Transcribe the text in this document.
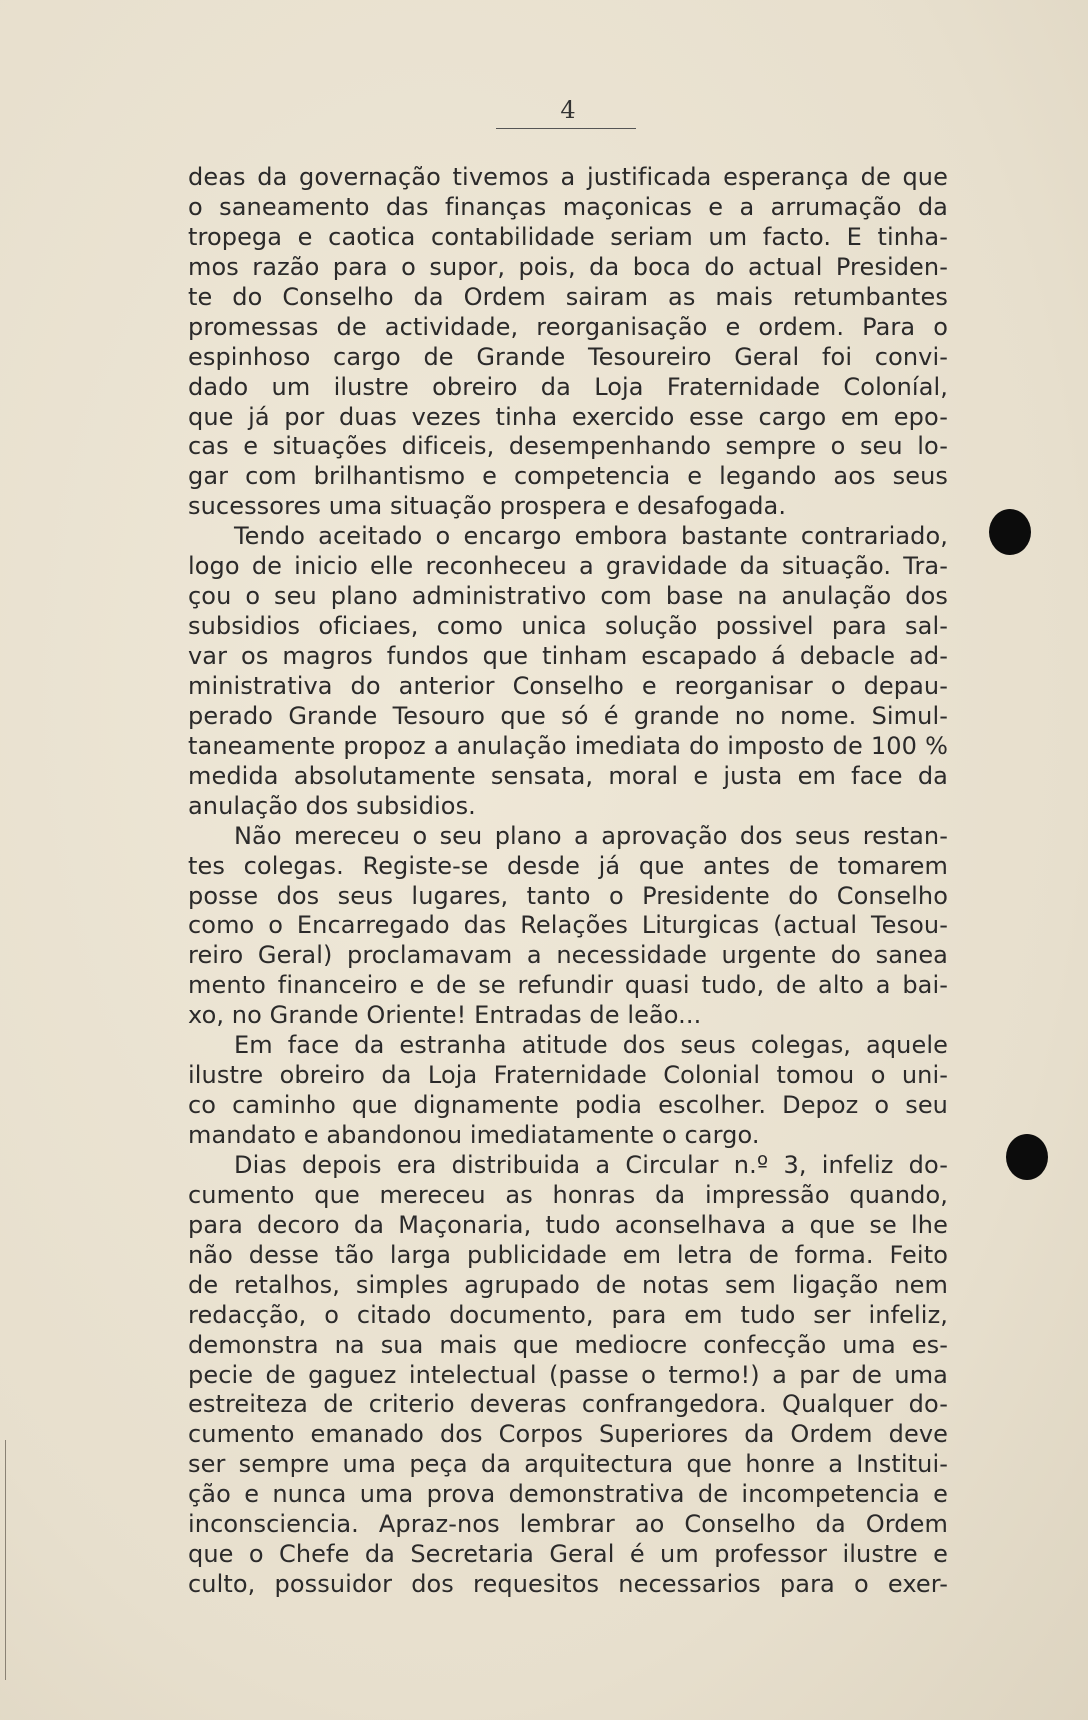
4
deas da governação tivemos a justificada esperança de que
o saneamento das finanças maçonicas e a arrumação da
tropega e caotica contabilidade seriam um facto. E tinha-
mos razão para o supor, pois, da boca do actual Presiden-
te do Conselho da Ordem sairam as mais retumbantes
promessas de actividade, reorganisação e ordem. Para o
espinhoso cargo de Grande Tesoureiro Geral foi convi-
dado um ilustre obreiro da Loja Fraternidade Coloníal,
que já por duas vezes tinha exercido esse cargo em epo-
cas e situações dificeis, desempenhando sempre o seu lo-
gar com brilhantismo e competencia e legando aos seus
sucessores uma situação prospera e desafogada.
Tendo aceitado o encargo embora bastante contrariado,
logo de inicio elle reconheceu a gravidade da situação. Tra-
çou o seu plano administrativo com base na anulação dos
subsidios oficiaes, como unica solução possivel para sal-
var os magros fundos que tinham escapado á debacle ad-
ministrativa do anterior Conselho e reorganisar o depau-
perado Grande Tesouro que só é grande no nome. Simul-
taneamente propoz a anulação imediata do imposto de 100 %
medida absolutamente sensata, moral e justa em face da
anulação dos subsidios.
Não mereceu o seu plano a aprovação dos seus restan-
tes colegas. Registe-se desde já que antes de tomarem
posse dos seus lugares, tanto o Presidente do Conselho
como o Encarregado das Relações Liturgicas (actual Tesou-
reiro Geral) proclamavam a necessidade urgente do sanea
mento financeiro e de se refundir quasi tudo, de alto a bai-
xo, no Grande Oriente! Entradas de leão...
Em face da estranha atitude dos seus colegas, aquele
ilustre obreiro da Loja Fraternidade Colonial tomou o uni-
co caminho que dignamente podia escolher. Depoz o seu
mandato e abandonou imediatamente o cargo.
Dias depois era distribuida a Circular n.º 3, infeliz do-
cumento que mereceu as honras da impressão quando,
para decoro da Maçonaria, tudo aconselhava a que se lhe
não desse tão larga publicidade em letra de forma. Feito
de retalhos, simples agrupado de notas sem ligação nem
redacção, o citado documento, para em tudo ser infeliz,
demonstra na sua mais que mediocre confecção uma es-
pecie de gaguez intelectual (passe o termo!) a par de uma
estreiteza de criterio deveras confrangedora. Qualquer do-
cumento emanado dos Corpos Superiores da Ordem deve
ser sempre uma peça da arquitectura que honre a Institui-
ção e nunca uma prova demonstrativa de incompetencia e
inconsciencia. Apraz-nos lembrar ao Conselho da Ordem
que o Chefe da Secretaria Geral é um professor ilustre e
culto, possuidor dos requesitos necessarios para o exer-
